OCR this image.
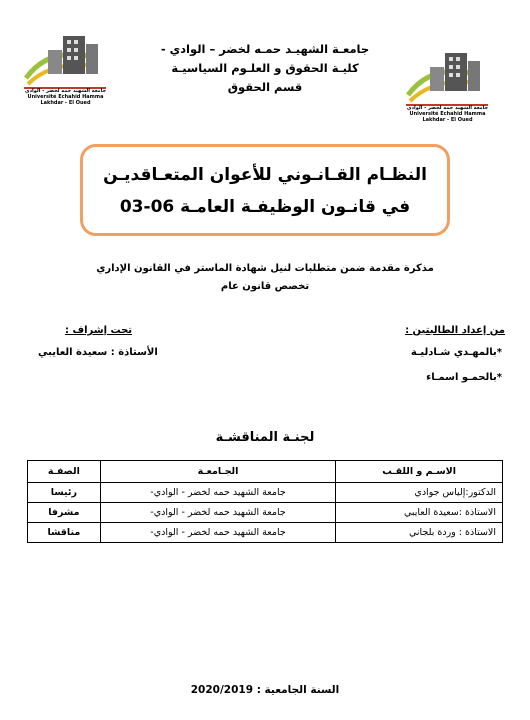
جامعة الشهيد حمه لخضر - الوادي
Université Echahid Hamma Lakhdar - El Oued
جامعة الشهيد حمه لخضر - الوادي
Université Echahid Hamma Lakhdar - El Oued
جامعـة الشهيـد حمـه لخضر – الوادي -
كليـة الحقوق و العلـوم السياسيـة
قسم الحقوق
النظـام القـانـوني للأعوان المتعـاقديـن
في قانـون الوظيفـة العامـة 06-03
مذكرة مقدمة ضمن متطلبات لنيل شهادة الماستر في القانون الإداري
تخصص قانون عام
من إعداد الطالبتين :
*بالمهـدي شـادليـة
*بالحمـو اسمـاء
تحت إشراف :
الأستاذة : سعيدة العايبي
لجنـة المناقشـة
الاسـم و اللقـب	الجـامعـة	الصفـة
الدكتور:إلياس جوادي	جامعة الشهيد حمه لخضر - الوادي-	رئيسا
الاستاذة :سعيدة العايبي	جامعة الشهيد حمه لخضر - الوادي-	مشرفا
الاستاذة : وردة بلجاني	جامعة الشهيد حمه لخضر - الوادي-	مناقشا
السنة الجامعية : 2020/2019
